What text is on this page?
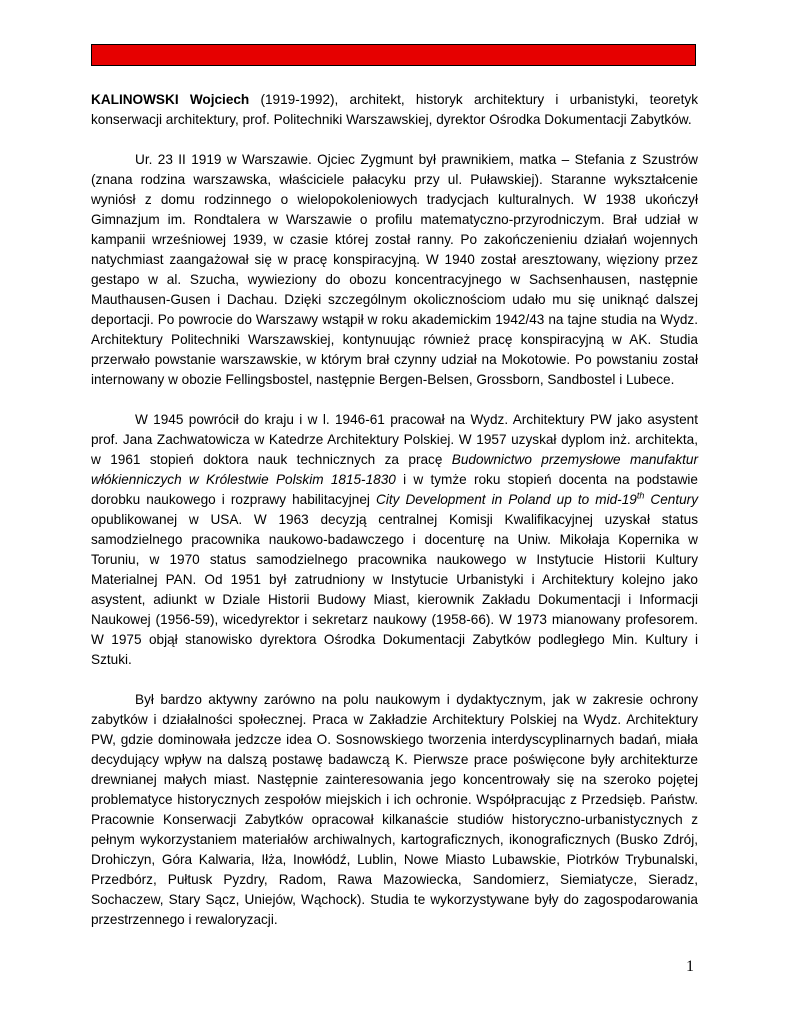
KALINOWSKI Wojciech (1919-1992), architekt, historyk architektury i urbanistyki, teoretyk konserwacji architektury, prof. Politechniki Warszawskiej, dyrektor Ośrodka Dokumentacji Zabytków.

Ur. 23 II 1919 w Warszawie. Ojciec Zygmunt był prawnikiem, matka – Stefania z Szustrów (znana rodzina warszawska, właściciele pałacyku przy ul. Puławskiej). Staranne wykształcenie wyniósł z domu rodzinnego o wielopokoleniowych tradycjach kulturalnych. W 1938 ukończył Gimnazjum im. Rondtalera w Warszawie o profilu matematyczno-przyrodniczym. Brał udział w kampanii wrześniowej 1939, w czasie której został ranny. Po zakończenieniu działań wojennych natychmiast zaangażował się w pracę konspiracyjną. W 1940 został aresztowany, więziony przez gestapo w al. Szucha, wywieziony do obozu koncentracyjnego w Sachsenhausen, następnie Mauthausen-Gusen i Dachau. Dzięki szczególnym okolicznościom udało mu się uniknąć dalszej deportacji. Po powrocie do Warszawy wstąpił w roku akademickim 1942/43 na tajne studia na Wydz. Architektury Politechniki Warszawskiej, kontynuując również pracę konspiracyjną w AK. Studia przerwało powstanie warszawskie, w którym brał czynny udział na Mokotowie. Po powstaniu został internowany w obozie Fellingsbostel, następnie Bergen-Belsen, Grossborn, Sandbostel i Lubece.

W 1945 powrócił do kraju i w l. 1946-61 pracował na Wydz. Architektury PW jako asystent prof. Jana Zachwatowicza w Katedrze Architektury Polskiej. W 1957 uzyskał dyplom inż. architekta, w 1961 stopień doktora nauk technicznych za pracę Budownictwo przemysłowe manufaktur włókienniczych w Królestwie Polskim 1815-1830 i w tymże roku stopień docenta na podstawie dorobku naukowego i rozprawy habilitacyjnej City Development in Poland up to mid-19th Century opublikowanej w USA. W 1963 decyzją centralnej Komisji Kwalifikacyjnej uzyskał status samodzielnego pracownika naukowo-badawczego i docenturę na Uniw. Mikołaja Kopernika w Toruniu, w 1970 status samodzielnego pracownika naukowego w Instytucie Historii Kultury Materialnej PAN. Od 1951 był zatrudniony w Instytucie Urbanistyki i Architektury kolejno jako asystent, adiunkt w Dziale Historii Budowy Miast, kierownik Zakładu Dokumentacji i Informacji Naukowej (1956-59), wicedyrektor i sekretarz naukowy (1958-66). W 1973 mianowany profesorem. W 1975 objął stanowisko dyrektora Ośrodka Dokumentacji Zabytków podległego Min. Kultury i Sztuki.

Był bardzo aktywny zarówno na polu naukowym i dydaktycznym, jak w zakresie ochrony zabytków i działalności społecznej. Praca w Zakładzie Architektury Polskiej na Wydz. Architektury PW, gdzie dominowała jedzcze idea O. Sosnowskiego tworzenia interdyscyplinarnych badań, miała decydujący wpływ na dalszą postawę badawczą K. Pierwsze prace poświęcone były architekturze drewnianej małych miast. Następnie zainteresowania jego koncentrowały się na szeroko pojętej problematyce historycznych zespołów miejskich i ich ochronie. Współpracując z Przedsięb. Państw. Pracownie Konserwacji Zabytków opracował kilkanaście studiów historyczno-urbanistycznych z pełnym wykorzystaniem materiałów archiwalnych, kartograficznych, ikonograficznych (Busko Zdrój, Drohiczyn, Góra Kalwaria, Iłża, Inowłódź, Lublin, Nowe Miasto Lubawskie, Piotrków Trybunalski, Przedbórz, Pułtusk Pyzdry, Radom, Rawa Mazowiecka, Sandomierz, Siemiatycze, Sieradz, Sochaczew, Stary Sącz, Uniejów, Wąchock). Studia te wykorzystywane były do zagospodarowania przestrzennego i rewaloryzacji.

1
